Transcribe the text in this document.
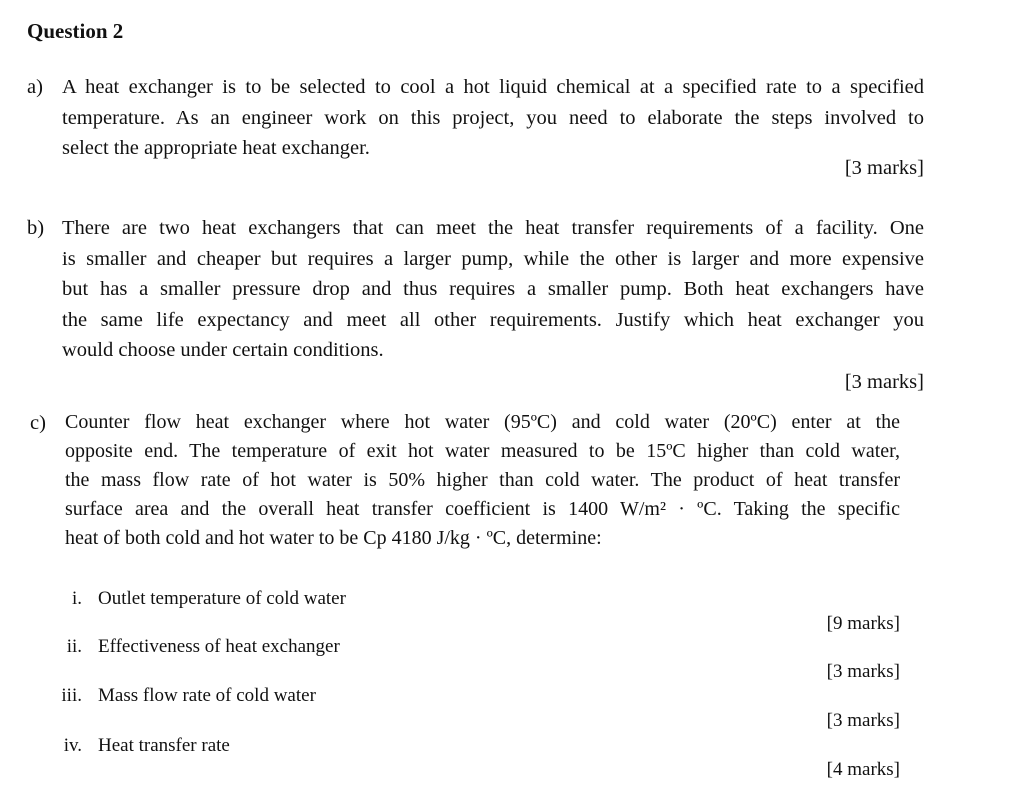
Question 2
a) A heat exchanger is to be selected to cool a hot liquid chemical at a specified rate to a specified
temperature. As an engineer work on this project, you need to elaborate the steps involved to
select the appropriate heat exchanger.
[3 marks]
b) There are two heat exchangers that can meet the heat transfer requirements of a facility. One
is smaller and cheaper but requires a larger pump, while the other is larger and more expensive
but has a smaller pressure drop and thus requires a smaller pump. Both heat exchangers have
the same life expectancy and meet all other requirements. Justify which heat exchanger you
would choose under certain conditions.
[3 marks]
c) Counter flow heat exchanger where hot water (95ºC) and cold water (20ºC) enter at the
opposite end. The temperature of exit hot water measured to be 15ºC higher than cold water,
the mass flow rate of hot water is 50% higher than cold water. The product of heat transfer
surface area and the overall heat transfer coefficient is 1400 W/m² · ºC. Taking the specific
heat of both cold and hot water to be Cp 4180 J/kg · ºC, determine:
i. Outlet temperature of cold water
[9 marks]
ii. Effectiveness of heat exchanger
[3 marks]
iii. Mass flow rate of cold water
[3 marks]
iv. Heat transfer rate
[4 marks]
